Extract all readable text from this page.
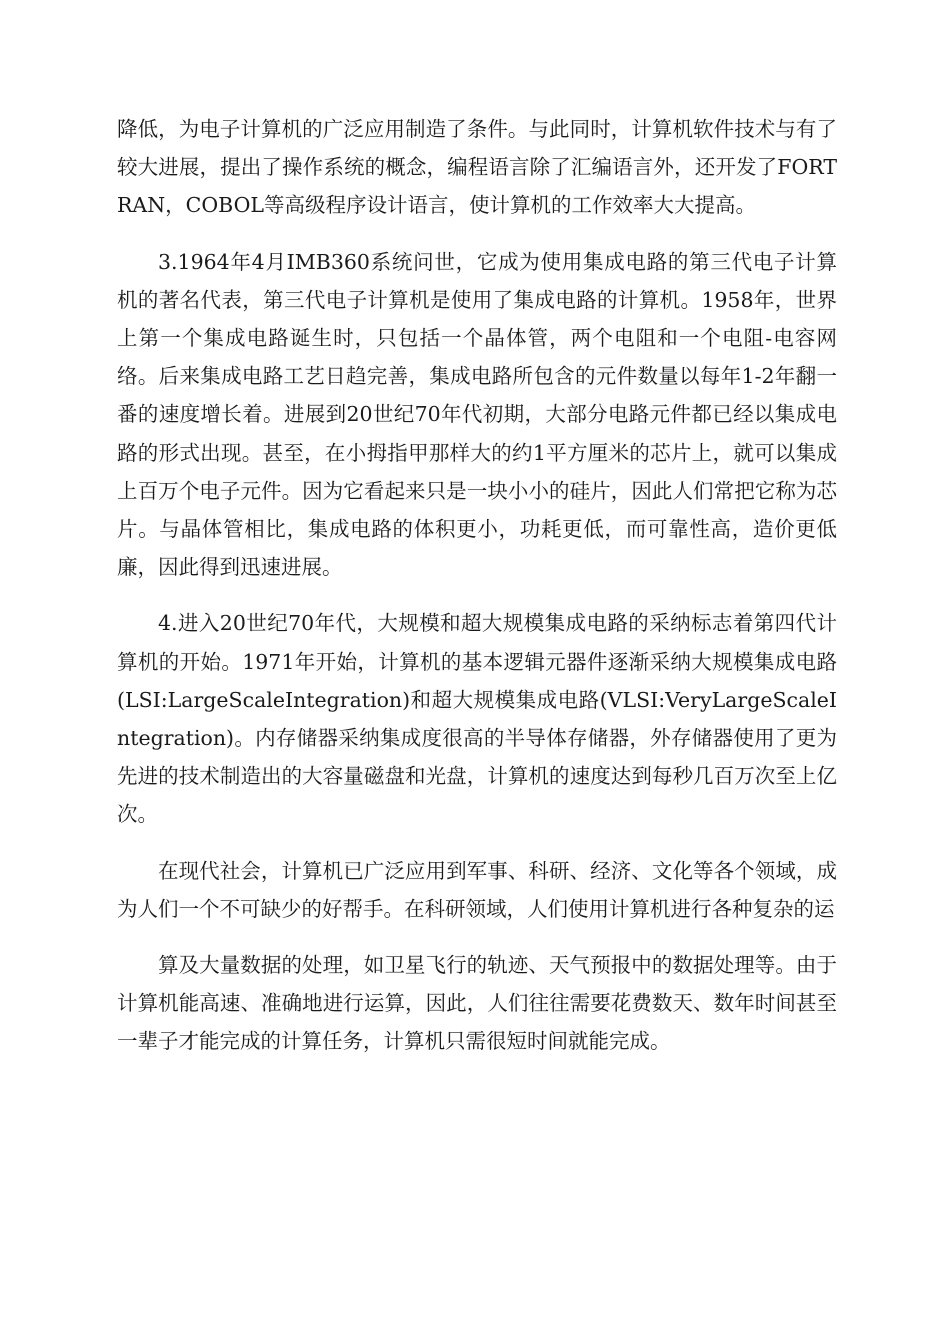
降低，为电子计算机的广泛应用制造了条件。与此同时，计算机软件技术与有了较大进展，提出了操作系统的概念，编程语言除了汇编语言外，还开发了FORTRAN，COBOL等高级程序设计语言，使计算机的工作效率大大提高。

3.1964年4月IMB360系统问世，它成为使用集成电路的第三代电子计算机的著名代表，第三代电子计算机是使用了集成电路的计算机。1958年，世界上第一个集成电路诞生时，只包括一个晶体管，两个电阻和一个电阻-电容网络。后来集成电路工艺日趋完善，集成电路所包含的元件数量以每年1-2年翻一番的速度增长着。进展到20世纪70年代初期，大部分电路元件都已经以集成电路的形式出现。甚至，在小拇指甲那样大的约1平方厘米的芯片上，就可以集成上百万个电子元件。因为它看起来只是一块小小的硅片，因此人们常把它称为芯片。与晶体管相比，集成电路的体积更小，功耗更低，而可靠性高，造价更低廉，因此得到迅速进展。

4.进入20世纪70年代，大规模和超大规模集成电路的采纳标志着第四代计算机的开始。1971年开始，计算机的基本逻辑元器件逐渐采纳大规模集成电路(LSI:LargeScaleIntegration)和超大规模集成电路(VLSI:VeryLargeScaleIntegration)。内存储器采纳集成度很高的半导体存储器，外存储器使用了更为先进的技术制造出的大容量磁盘和光盘，计算机的速度达到每秒几百万次至上亿次。

在现代社会，计算机已广泛应用到军事、科研、经济、文化等各个领域，成为人们一个不可缺少的好帮手。在科研领域，人们使用计算机进行各种复杂的运

算及大量数据的处理，如卫星飞行的轨迹、天气预报中的数据处理等。由于计算机能高速、准确地进行运算，因此，人们往往需要花费数天、数年时间甚至一辈子才能完成的计算任务，计算机只需很短时间就能完成。
